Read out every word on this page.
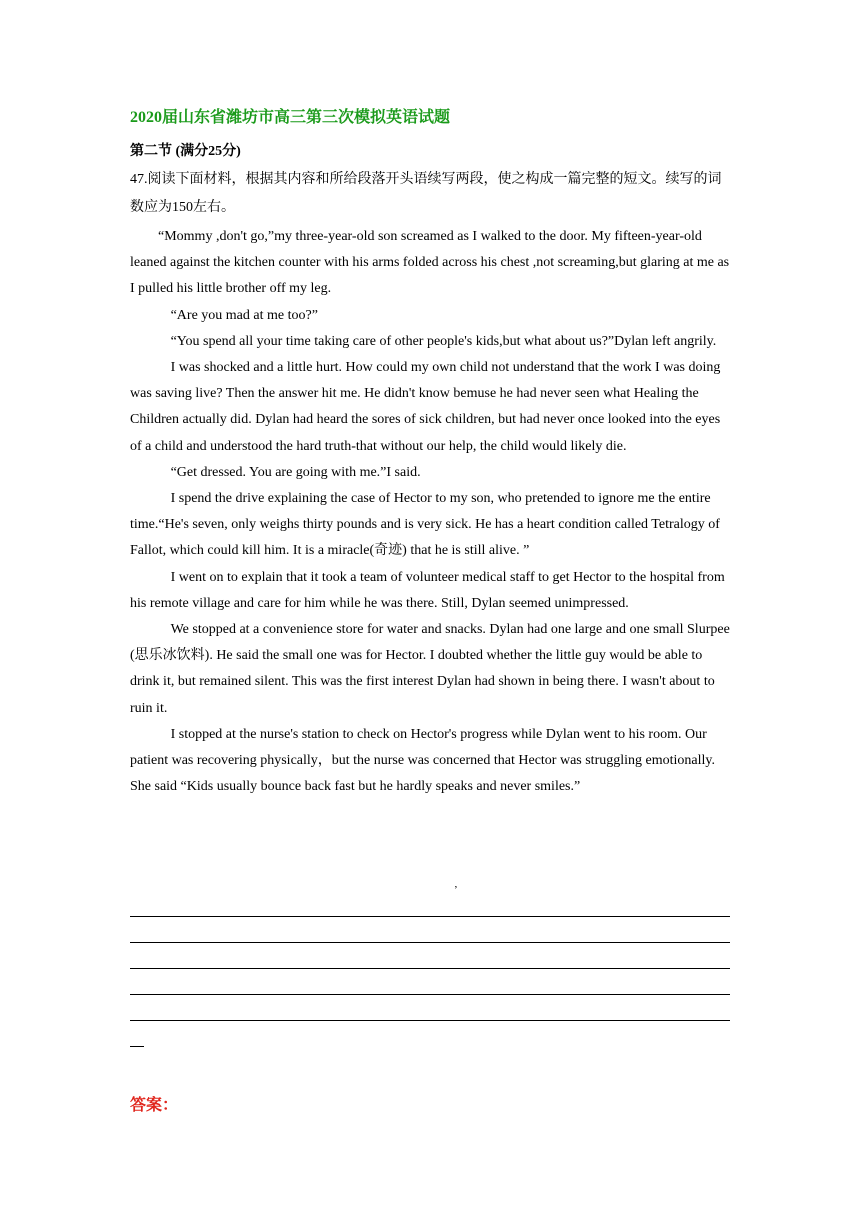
2020届山东省潍坊市高三第三次模拟英语试题
第二节 (满分25分)
47.阅读下面材料，根据其内容和所给段落开头语续写两段，使之构成一篇完整的短文。续写的词数应为150左右。

“Mommy ,don't go,”my three-year-old son screamed as I walked to the door. My fifteen-year-old leaned against the kitchen counter with his arms folded across his chest ,not screaming,but glaring at me as I pulled his little brother off my leg.

“Are you mad at me too?”

“You spend all your time taking care of other people's kids,but what about us?”Dylan left angrily.

I was shocked and a little hurt. How could my own child not understand that the work I was doing was saving live? Then the answer hit me. He didn't know bemuse he had never seen what Healing the Children actually did. Dylan had heard the sores of sick children, but had never once looked into the eyes of a child and understood the hard truth-that without our help, the child would likely die.

“Get dressed. You are going with me.”I said.

I spend the drive explaining the case of Hector to my son, who pretended to ignore me the entire time.“He's seven, only weighs thirty pounds and is very sick. He has a heart condition called Tetralogy of Fallot, which could kill him. It is a miracle(奇迹) that he is still alive. ”

I went on to explain that it took a team of volunteer medical staff to get Hector to the hospital from his remote village and care for him while he was there. Still, Dylan seemed unimpressed.

We stopped at a convenience store for water and snacks. Dylan had one large and one small Slurpee (思乐冰饮料). He said the small one was for Hector. I doubted whether the little guy would be able to drink it, but remained silent. This was the first interest Dylan had shown in being there. I wasn't about to ruin it.

I stopped at the nurse's station to check on Hector's progress while Dylan went to his room. Our patient was recovering physically，but the nurse was concerned that Hector was struggling emotionally. She said “Kids usually bounce back fast but he hardly speaks and never smiles.”

’
答案：
